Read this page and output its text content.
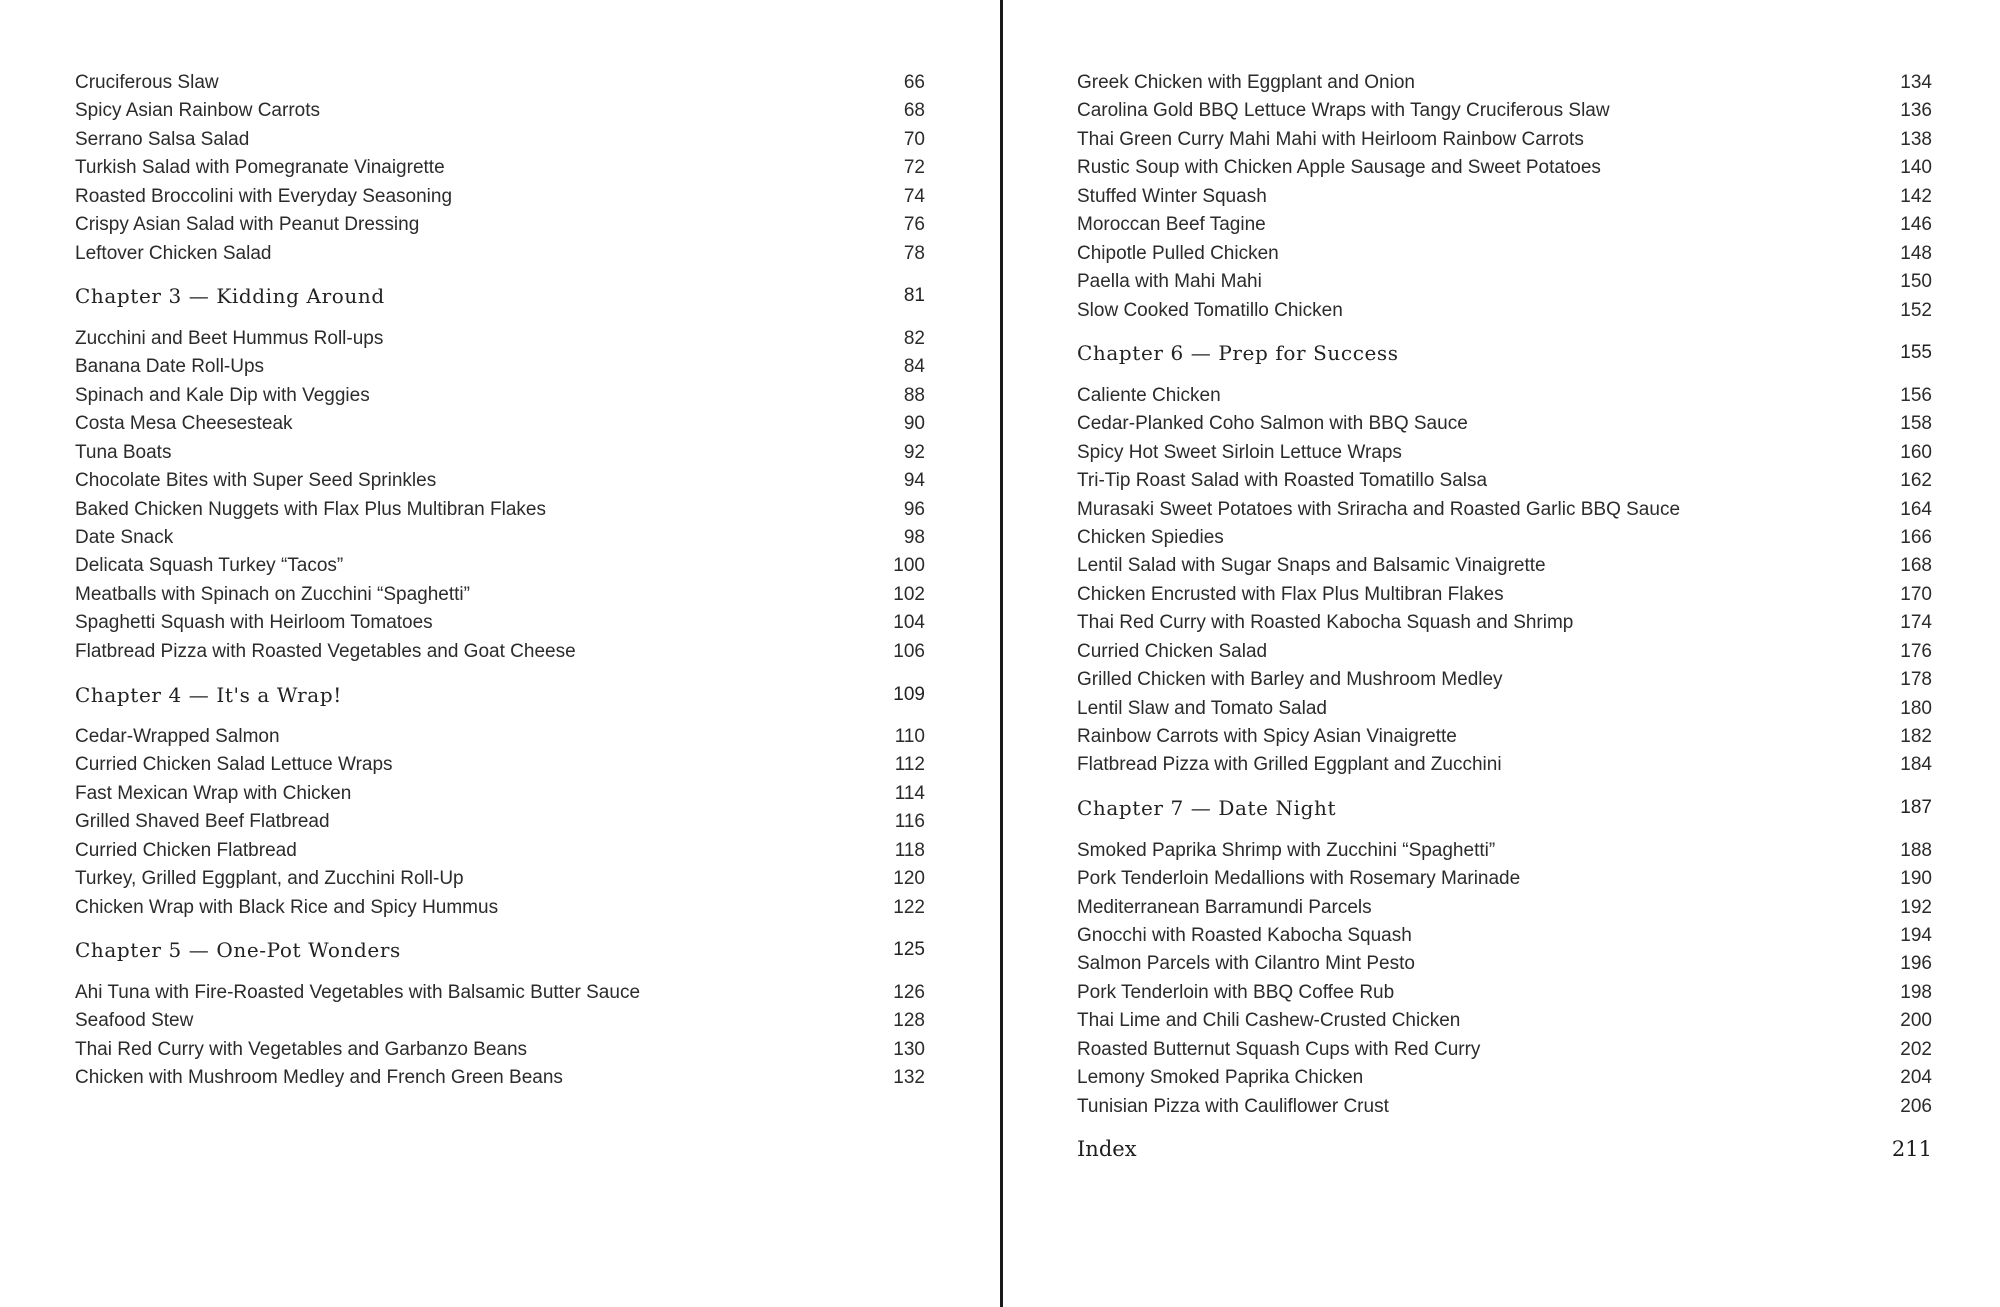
Cruciferous Slaw	66
Spicy Asian Rainbow Carrots	68
Serrano Salsa Salad	70
Turkish Salad with Pomegranate Vinaigrette	72
Roasted Broccolini with Everyday Seasoning	74
Crispy Asian Salad with Peanut Dressing	76
Leftover Chicken Salad	78
Chapter 3 — Kidding Around	81
Zucchini and Beet Hummus Roll-ups	82
Banana Date Roll-Ups	84
Spinach and Kale Dip with Veggies	88
Costa Mesa Cheesesteak	90
Tuna Boats	92
Chocolate Bites with Super Seed Sprinkles	94
Baked Chicken Nuggets with Flax Plus Multibran Flakes	96
Date Snack	98
Delicata Squash Turkey “Tacos”	100
Meatballs with Spinach on Zucchini “Spaghetti”	102
Spaghetti Squash with Heirloom Tomatoes	104
Flatbread Pizza with Roasted Vegetables and Goat Cheese	106
Chapter 4 — It's a Wrap!	109
Cedar-Wrapped Salmon	110
Curried Chicken Salad Lettuce Wraps	112
Fast Mexican Wrap with Chicken	114
Grilled Shaved Beef Flatbread	116
Curried Chicken Flatbread	118
Turkey, Grilled Eggplant, and Zucchini Roll-Up	120
Chicken Wrap with Black Rice and Spicy Hummus	122
Chapter 5 — One-Pot Wonders	125
Ahi Tuna with Fire-Roasted Vegetables with Balsamic Butter Sauce	126
Seafood Stew	128
Thai Red Curry with Vegetables and Garbanzo Beans	130
Chicken with Mushroom Medley and French Green Beans	132
Greek Chicken with Eggplant and Onion	134
Carolina Gold BBQ Lettuce Wraps with Tangy Cruciferous Slaw	136
Thai Green Curry Mahi Mahi with Heirloom Rainbow Carrots	138
Rustic Soup with Chicken Apple Sausage and Sweet Potatoes	140
Stuffed Winter Squash	142
Moroccan Beef Tagine	146
Chipotle Pulled Chicken	148
Paella with Mahi Mahi	150
Slow Cooked Tomatillo Chicken	152
Chapter 6 — Prep for Success	155
Caliente Chicken	156
Cedar-Planked Coho Salmon with BBQ Sauce	158
Spicy Hot Sweet Sirloin Lettuce Wraps	160
Tri-Tip Roast Salad with Roasted Tomatillo Salsa	162
Murasaki Sweet Potatoes with Sriracha and Roasted Garlic BBQ Sauce	164
Chicken Spiedies	166
Lentil Salad with Sugar Snaps and Balsamic Vinaigrette	168
Chicken Encrusted with Flax Plus Multibran Flakes	170
Thai Red Curry with Roasted Kabocha Squash and Shrimp	174
Curried Chicken Salad	176
Grilled Chicken with Barley and Mushroom Medley	178
Lentil Slaw and Tomato Salad	180
Rainbow Carrots with Spicy Asian Vinaigrette	182
Flatbread Pizza with Grilled Eggplant and Zucchini	184
Chapter 7 — Date Night	187
Smoked Paprika Shrimp with Zucchini “Spaghetti”	188
Pork Tenderloin Medallions with Rosemary Marinade	190
Mediterranean Barramundi Parcels	192
Gnocchi with Roasted Kabocha Squash	194
Salmon Parcels with Cilantro Mint Pesto	196
Pork Tenderloin with BBQ Coffee Rub	198
Thai Lime and Chili Cashew-Crusted Chicken	200
Roasted Butternut Squash Cups with Red Curry	202
Lemony Smoked Paprika Chicken	204
Tunisian Pizza with Cauliflower Crust	206
Index	211
